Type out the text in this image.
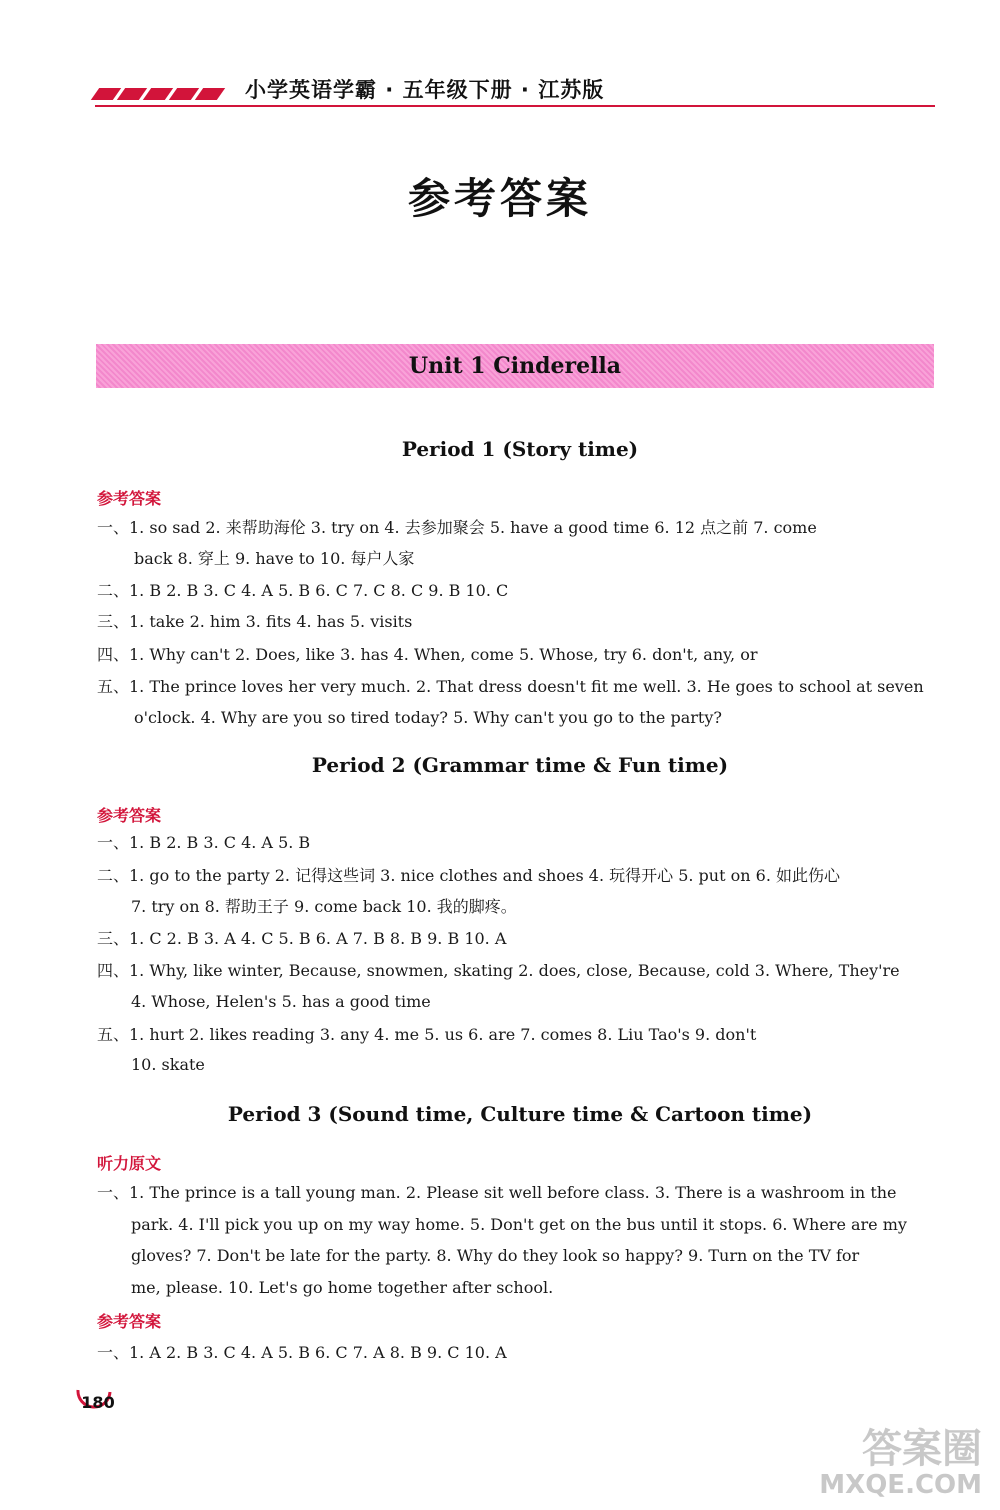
小学英语学霸 · 五年级下册 · 江苏版
参考答案
Unit 1 Cinderella
Period 1 (Story time)
参考答案
一、1. so sad 2. 来帮助海伦 3. try on 4. 去参加聚会 5. have a good time 6. 12 点之前 7. come
back 8. 穿上 9. have to 10. 每户人家
二、1. B 2. B 3. C 4. A 5. B 6. C 7. C 8. C 9. B 10. C
三、1. take 2. him 3. fits 4. has 5. visits
四、1. Why can't 2. Does, like 3. has 4. When, come 5. Whose, try 6. don't, any, or
五、1. The prince loves her very much. 2. That dress doesn't fit me well. 3. He goes to school at seven
o'clock. 4. Why are you so tired today? 5. Why can't you go to the party?
Period 2 (Grammar time & Fun time)
参考答案
一、1. B 2. B 3. C 4. A 5. B
二、1. go to the party 2. 记得这些词 3. nice clothes and shoes 4. 玩得开心 5. put on 6. 如此伤心
7. try on 8. 帮助王子 9. come back 10. 我的脚疼。
三、1. C 2. B 3. A 4. C 5. B 6. A 7. B 8. B 9. B 10. A
四、1. Why, like winter, Because, snowmen, skating 2. does, close, Because, cold 3. Where, They're
4. Whose, Helen's 5. has a good time
五、1. hurt 2. likes reading 3. any 4. me 5. us 6. are 7. comes 8. Liu Tao's 9. don't
10. skate
Period 3 (Sound time, Culture time & Cartoon time)
听力原文
一、1. The prince is a tall young man. 2. Please sit well before class. 3. There is a washroom in the
park. 4. I'll pick you up on my way home. 5. Don't get on the bus until it stops. 6. Where are my
gloves? 7. Don't be late for the party. 8. Why do they look so happy? 9. Turn on the TV for
me, please. 10. Let's go home together after school.
参考答案
一、1. A 2. B 3. C 4. A 5. B 6. C 7. A 8. B 9. C 10. A
180
答案圈
MXQE.COM
